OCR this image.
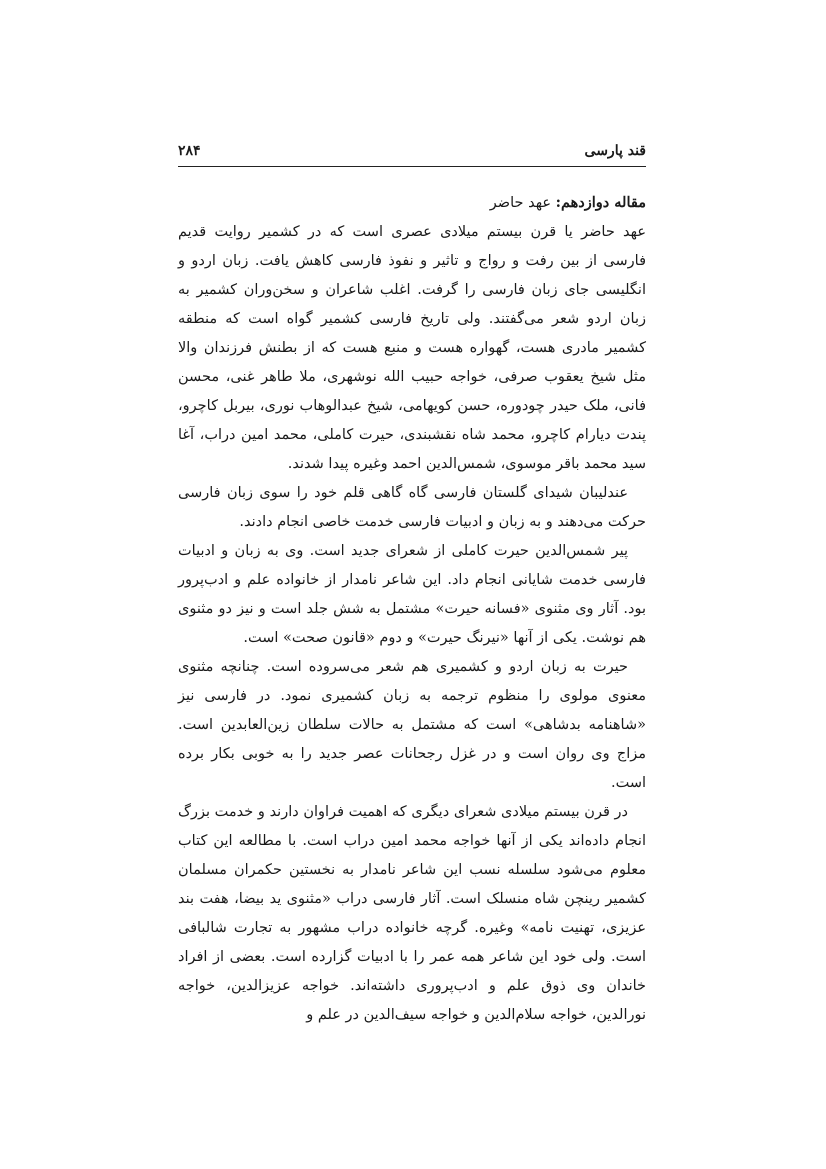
قند پارسی
۲۸۴

مقاله دوازدهم: عهد حاضر

عهد حاضر یا قرن بیستم میلادی عصری است که در کشمیر روایت قدیم فارسی از بین رفت و رواج و تاثیر و نفوذ فارسی کاهش یافت. زبان اردو و انگلیسی جای زبان فارسی را گرفت. اغلب شاعران و سخن‌وران کشمیر به زبان اردو شعر می‌گفتند. ولی تاریخ فارسی کشمیر گواه است که منطقه کشمیر مادری هست، گهواره هست و منبع هست که از بطنش فرزندان والا مثل شیخ یعقوب صرفی، خواجه حبیب الله نوشهری، ملا طاهر غنی، محسن فانی، ملک حیدر چودوره، حسن کویهامی، شیخ عبدالوهاب نوری، بیربل کاچرو، پندت دیارام کاچرو، محمد شاه نقشبندی، حیرت کاملی، محمد امین دراب، آغا سید محمد باقر موسوی، شمس‌الدین احمد وغیره پیدا شدند.

عندلیبان شیدای گلستان فارسی گاه گاهی قلم خود را سوی زبان فارسی حرکت می‌دهند و به زبان و ادبیات فارسی خدمت خاصی انجام دادند.

پیر شمس‌الدین حیرت کاملی از شعرای جدید است. وی به زبان و ادبیات فارسی خدمت شایانی انجام داد. این شاعر نامدار از خانواده علم و ادب‌پرور بود. آثار وی مثنوی «فسانه حیرت» مشتمل به شش جلد است و نیز دو مثنوی هم نوشت. یکی از آنها «نیرنگ حیرت» و دوم «قانون صحت» است.

حیرت به زبان اردو و کشمیری هم شعر می‌سروده است. چنانچه مثنوی معنوی مولوی را منظوم ترجمه به زبان کشمیری نمود. در فارسی نیز «شاهنامه بدشاهی» است که مشتمل به حالات سلطان زین‌العابدین است. مزاج وی روان است و در غزل رجحانات عصر جدید را به خوبی بکار برده است.

در قرن بیستم میلادی شعرای دیگری که اهمیت فراوان دارند و خدمت بزرگ انجام داده‌اند یکی از آنها خواجه محمد امین دراب است. با مطالعه این کتاب معلوم می‌شود سلسله نسب این شاعر نامدار به نخستین حکمران مسلمان کشمیر رینچن شاه منسلک است. آثار فارسی دراب «مثنوی ید بیضا، هفت بند عزیزی، تهنیت نامه» وغیره. گرچه خانواده دراب مشهور به تجارت شالبافی است. ولی خود این شاعر همه عمر را با ادبیات گزارده است. بعضی از افراد خاندان وی ذوق علم و ادب‌پروری داشته‌اند. خواجه عزیزالدین، خواجه نورالدین، خواجه سلام‌الدین و خواجه سیف‌الدین در علم و
